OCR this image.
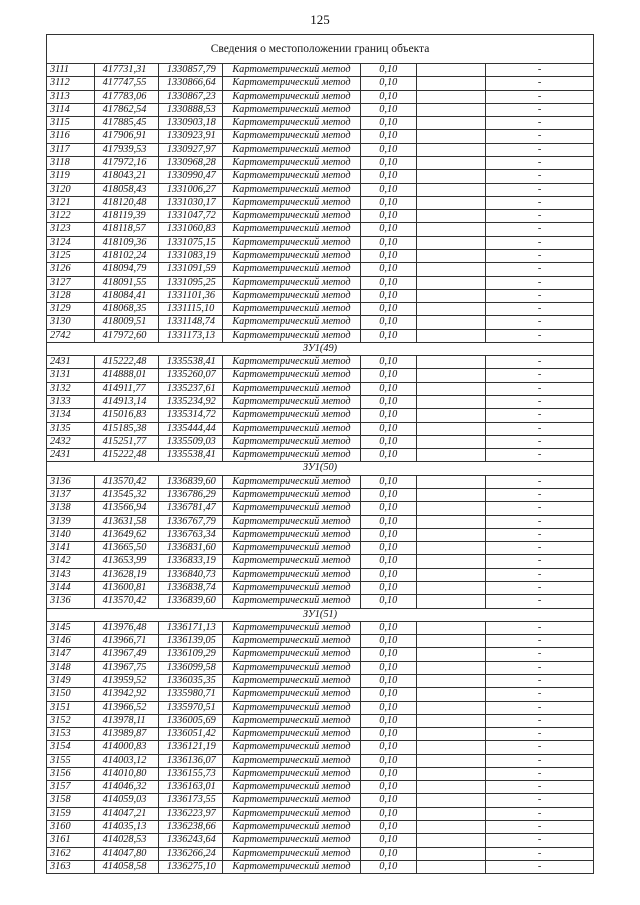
125
Сведения о местоположении границ объекта						
3111	417731,31	1330857,79	Картометрический метод	0,10		-
3112	417747,55	1330866,64	Картометрический метод	0,10		-
3113	417783,06	1330867,23	Картометрический метод	0,10		-
3114	417862,54	1330888,53	Картометрический метод	0,10		-
3115	417885,45	1330903,18	Картометрический метод	0,10		-
3116	417906,91	1330923,91	Картометрический метод	0,10		-
3117	417939,53	1330927,97	Картометрический метод	0,10		-
3118	417972,16	1330968,28	Картометрический метод	0,10		-
3119	418043,21	1330990,47	Картометрический метод	0,10		-
3120	418058,43	1331006,27	Картометрический метод	0,10		-
3121	418120,48	1331030,17	Картометрический метод	0,10		-
3122	418119,39	1331047,72	Картометрический метод	0,10		-
3123	418118,57	1331060,83	Картометрический метод	0,10		-
3124	418109,36	1331075,15	Картометрический метод	0,10		-
3125	418102,24	1331083,19	Картометрический метод	0,10		-
3126	418094,79	1331091,59	Картометрический метод	0,10		-
3127	418091,55	1331095,25	Картометрический метод	0,10		-
3128	418084,41	1331101,36	Картометрический метод	0,10		-
3129	418068,35	1331115,10	Картометрический метод	0,10		-
3130	418009,51	1331148,74	Картометрический метод	0,10		-
2742	417972,60	1331173,13	Картометрический метод	0,10		-
ЗУ1(49)						
2431	415222,48	1335538,41	Картометрический метод	0,10		-
3131	414888,01	1335260,07	Картометрический метод	0,10		-
3132	414911,77	1335237,61	Картометрический метод	0,10		-
3133	414913,14	1335234,92	Картометрический метод	0,10		-
3134	415016,83	1335314,72	Картометрический метод	0,10		-
3135	415185,38	1335444,44	Картометрический метод	0,10		-
2432	415251,77	1335509,03	Картометрический метод	0,10		-
2431	415222,48	1335538,41	Картометрический метод	0,10		-
ЗУ1(50)						
3136	413570,42	1336839,60	Картометрический метод	0,10		-
3137	413545,32	1336786,29	Картометрический метод	0,10		-
3138	413566,94	1336781,47	Картометрический метод	0,10		-
3139	413631,58	1336767,79	Картометрический метод	0,10		-
3140	413649,62	1336763,34	Картометрический метод	0,10		-
3141	413665,50	1336831,60	Картометрический метод	0,10		-
3142	413653,99	1336833,19	Картометрический метод	0,10		-
3143	413628,19	1336840,73	Картометрический метод	0,10		-
3144	413600,81	1336838,74	Картометрический метод	0,10		-
3136	413570,42	1336839,60	Картометрический метод	0,10		-
ЗУ1(51)						
3145	413976,48	1336171,13	Картометрический метод	0,10		-
3146	413966,71	1336139,05	Картометрический метод	0,10		-
3147	413967,49	1336109,29	Картометрический метод	0,10		-
3148	413967,75	1336099,58	Картометрический метод	0,10		-
3149	413959,52	1336035,35	Картометрический метод	0,10		-
3150	413942,92	1335980,71	Картометрический метод	0,10		-
3151	413966,52	1335970,51	Картометрический метод	0,10		-
3152	413978,11	1336005,69	Картометрический метод	0,10		-
3153	413989,87	1336051,42	Картометрический метод	0,10		-
3154	414000,83	1336121,19	Картометрический метод	0,10		-
3155	414003,12	1336136,07	Картометрический метод	0,10		-
3156	414010,80	1336155,73	Картометрический метод	0,10		-
3157	414046,32	1336163,01	Картометрический метод	0,10		-
3158	414059,03	1336173,55	Картометрический метод	0,10		-
3159	414047,21	1336223,97	Картометрический метод	0,10		-
3160	414035,13	1336238,66	Картометрический метод	0,10		-
3161	414028,53	1336243,64	Картометрический метод	0,10		-
3162	414047,80	1336266,24	Картометрический метод	0,10		-
3163	414058,58	1336275,10	Картометрический метод	0,10		-
